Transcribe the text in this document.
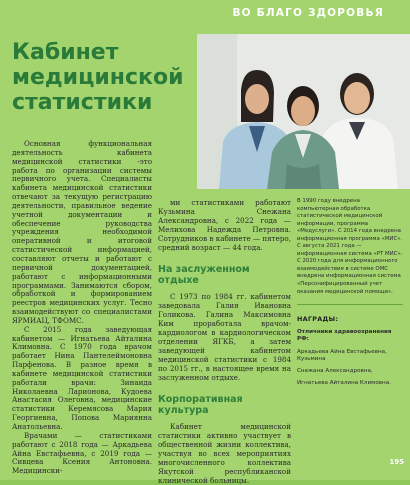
ВО БЛАГО ЗДОРОВЬЯ
Кабинет
медицинской
статистики

Основная функциональная деятельность кабинета медицинской статистики -это работа по организации системы первичного учета. Специалисты кабинета медицинской статистики отвечают за текущую регистрацию деятельности, правильное ведение учетной документации и обеспечение руководства учреждения необходимой оперативной и итоговой статистической информацией, составляют отчеты и работают с первичной документацией, работают с информационными программами. Занимаются сбором, обработкой и формированием реестров медицинских услуг. Тесно взаимодействуют со специалистами ЯРМИАЦ, ТФОМС.

С 2015 года заведующая кабинетом — Игнатьева Айталина Климовна. С 1970 года врачом работает Нина Пантелеймоновна Парфенова. В разное время в кабинете медицинской статистики работали врачи: Зинаида Николаевна Ларионова, Кудоева Анастасия Олеговна, медицинские статистики Керемясова Мария Георгиевна, Попова Мариянна Анатольевна.

Врачами — статистиками работают с 2018 года — Аркадьева Айна Евстафьевна, с 2019 года — Сивцева Ксения Антоновна. Медицински-

ми статистиками работают Кузьмина Снежана Александровна, с 2022 года — Мелихова Надежда Петровна. Сотрудников в кабинете — пятеро, средний возраст — 44 года.

На заслуженном отдыхе

С 1973 по 1984 гг. кабинетом заведовала Галия Ивановна Голикова. Галина Максимовна Ким проработала врачом-кардиологом в кардиологическом отделении ЯГКБ, а затем заведующей кабинетом медицинской статистики с 1984 по 2015 гг., в настоящее время на заслуженном отдыхе.

Корпоративная культура

Кабинет медицинской статистики активно участвует в общественной жизни коллектива, участвуя во всех мероприятиях многочисленного коллектива Якутской республиканской клинической больницы.

В 1990 году внедрена компьютерная обработка статистической медицинской информации, программа «Медуслуги». С 2014 года внедрена информационная программа «МИС». С августа 2021 года — информационная система «РТ МИС». С 2020 года для информационного взаимодействия в системе ОМС внедрена информационная система «Персонифицированный учет оказания медицинской помощи».

НАГРАДЫ:

Отличники здравоохранения РФ:

Аркадьева Айна Евстафьевна, Кузьмина

Снежана Александровна,

Игнатьева Айталина Климовна.

195
